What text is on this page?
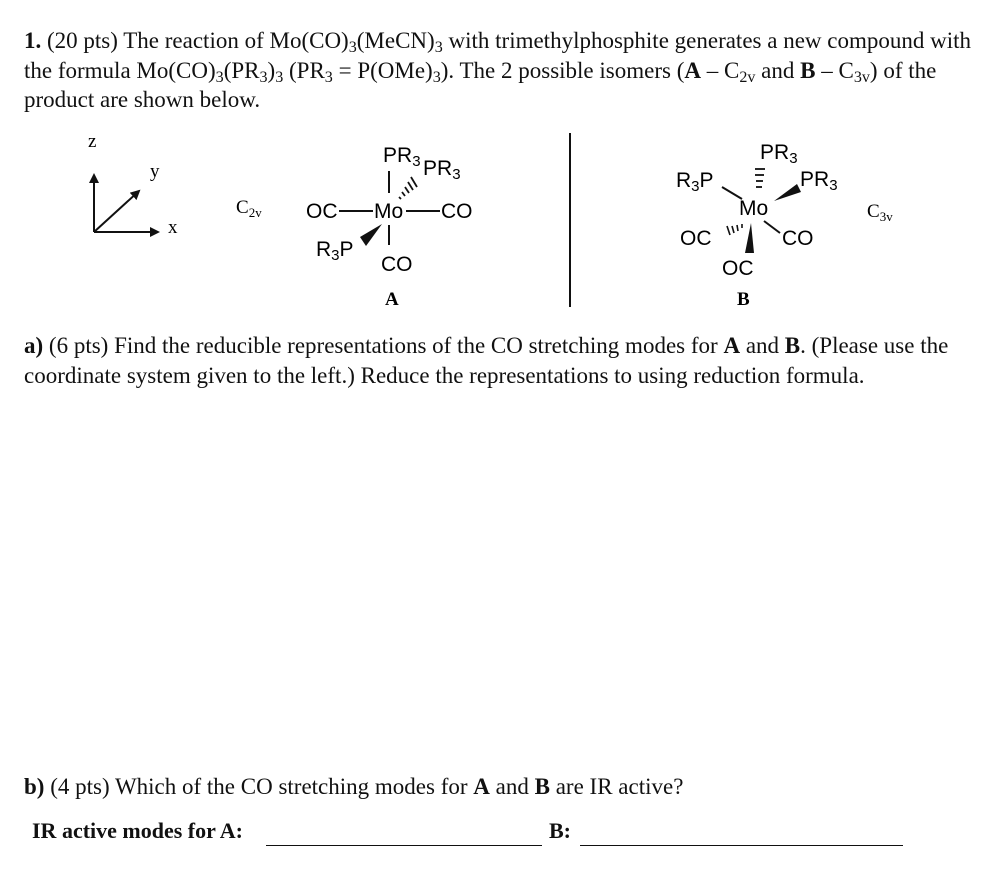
1. (20 pts) The reaction of $Mo(CO)_3(MeCN)_3$ with trimethylphosphite generates a new compound with the formula $Mo(CO)_3(PR_3)_3$ $(PR_3 = P(OMe)_3)$. The 2 possible isomers ($A - C_{2v}$ and B – $C_{3v}$) of the product are shown below.
z
y
x
$C_{2v}$
PR3 PR3
OC Mo CO
R3P
CO
A
PR3
R3P	PR3
Mo
OC	CO
OC
$C_{3v}$
B
a) (6 pts) Find the reducible representations of the CO stretching modes for A and B. (Please use the coordinate system given to the left.) Reduce the representations to using reduction formula.
b) (4 pts) Which of the CO stretching modes for A and B are IR active?
IR active modes for A:	B:
